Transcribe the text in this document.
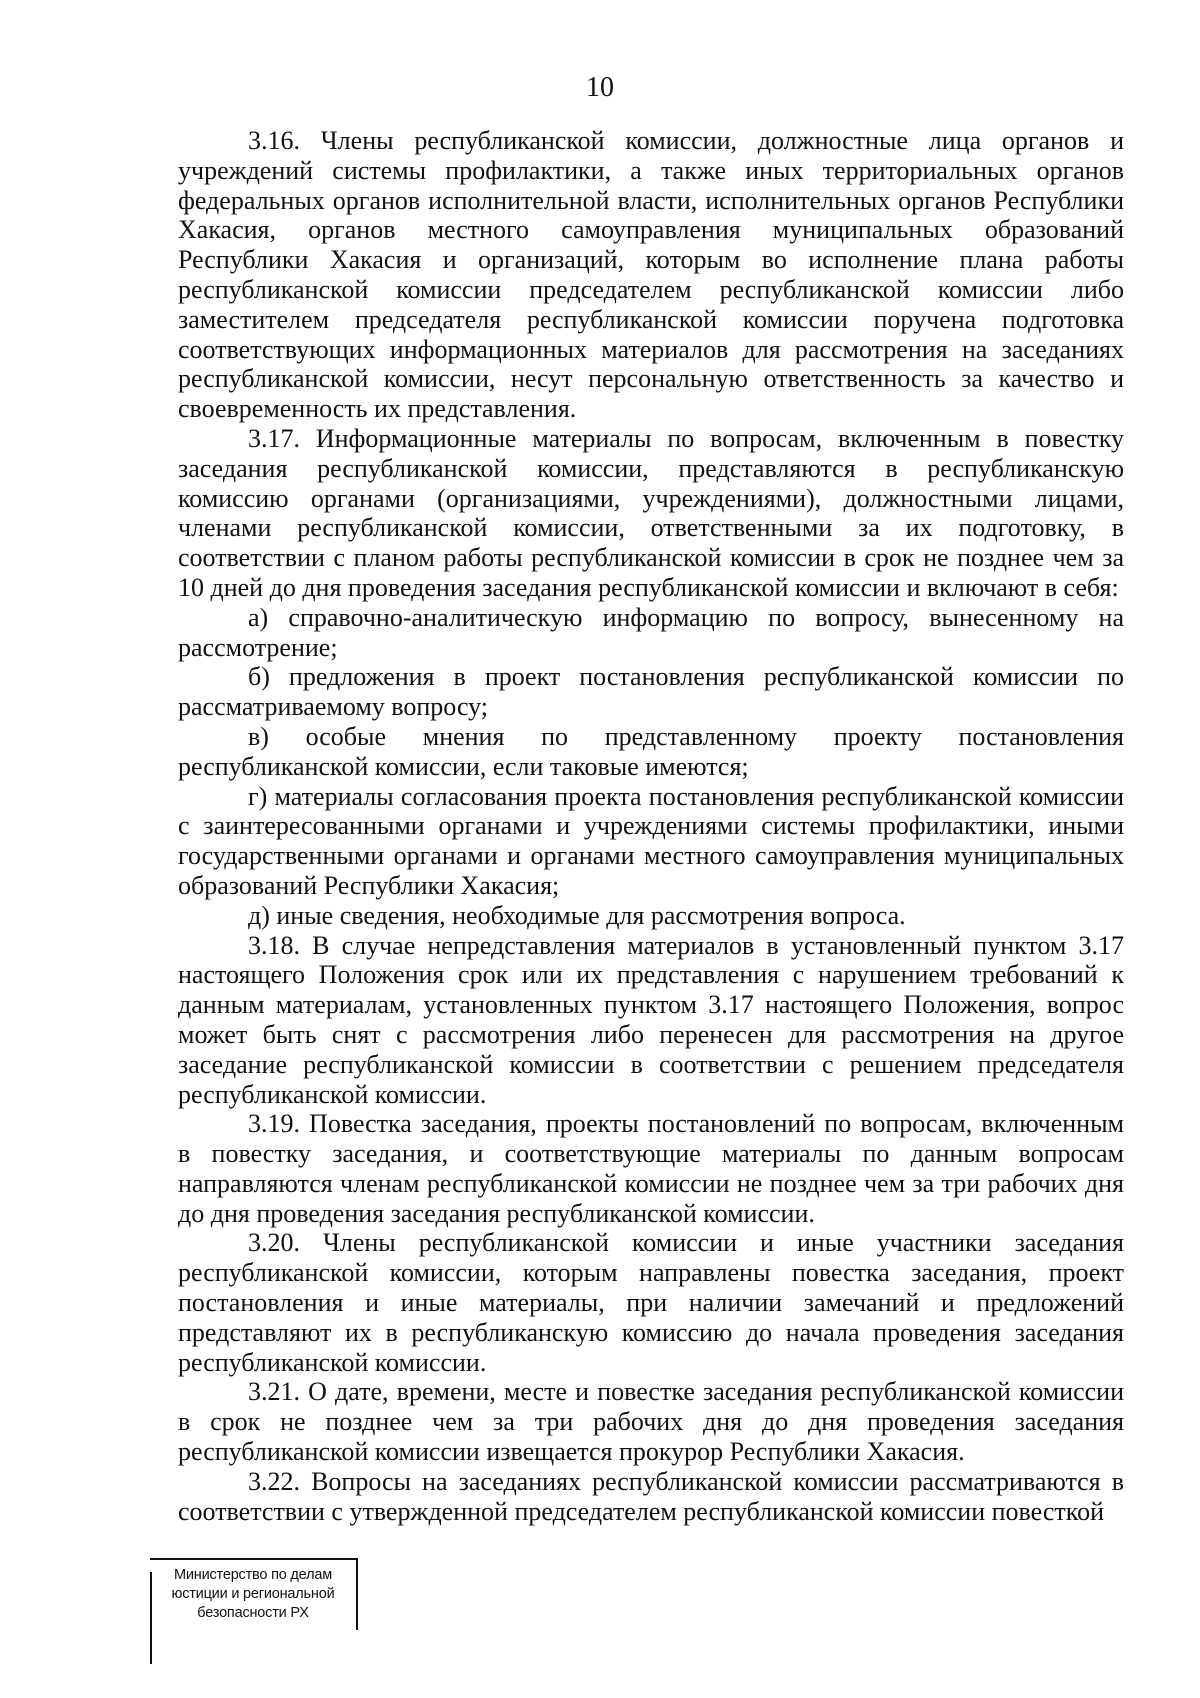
10

3.16. Члены республиканской комиссии, должностные лица органов и учреждений системы профилактики, а также иных территориальных органов федеральных органов исполнительной власти, исполнительных органов Республики Хакасия, органов местного самоуправления муниципальных образований Республики Хакасия и организаций, которым во исполнение плана работы республиканской комиссии председателем республиканской комиссии либо заместителем председателя республиканской комиссии поручена подготовка соответствующих информационных материалов для рассмотрения на заседаниях республиканской комиссии, несут персональную ответственность за качество и своевременность их представления.

3.17. Информационные материалы по вопросам, включенным в повестку заседания республиканской комиссии, представляются в республиканскую комиссию органами (организациями, учреждениями), должностными лицами, членами республиканской комиссии, ответственными за их подготовку, в соответствии с планом работы республиканской комиссии в срок не позднее чем за 10 дней до дня проведения заседания республиканской комиссии и включают в себя:

а) справочно-аналитическую информацию по вопросу, вынесенному на рассмотрение;

б) предложения в проект постановления республиканской комиссии по рассматриваемому вопросу;

в) особые мнения по представленному проекту постановления республиканской комиссии, если таковые имеются;

г) материалы согласования проекта постановления республиканской комиссии с заинтересованными органами и учреждениями системы профилактики, иными государственными органами и органами местного самоуправления муниципальных образований Республики Хакасия;

д) иные сведения, необходимые для рассмотрения вопроса.

3.18. В случае непредставления материалов в установленный пунктом 3.17 настоящего Положения срок или их представления с нарушением требований к данным материалам, установленных пунктом 3.17 настоящего Положения, вопрос может быть снят с рассмотрения либо перенесен для рассмотрения на другое заседание республиканской комиссии в соответствии с решением председателя республиканской комиссии.

3.19. Повестка заседания, проекты постановлений по вопросам, включенным в повестку заседания, и соответствующие материалы по данным вопросам направляются членам республиканской комиссии не позднее чем за три рабочих дня до дня проведения заседания республиканской комиссии.

3.20. Члены республиканской комиссии и иные участники заседания республиканской комиссии, которым направлены повестка заседания, проект постановления и иные материалы, при наличии замечаний и предложений представляют их в республиканскую комиссию до начала проведения заседания республиканской комиссии.

3.21. О дате, времени, месте и повестке заседания республиканской комиссии в срок не позднее чем за три рабочих дня до дня проведения заседания республиканской комиссии извещается прокурор Республики Хакасия.

3.22. Вопросы на заседаниях республиканской комиссии рассматриваются в соответствии с утвержденной председателем республиканской комиссии повесткой

Министерство по делам
юстиции и региональной
безопасности РХ
